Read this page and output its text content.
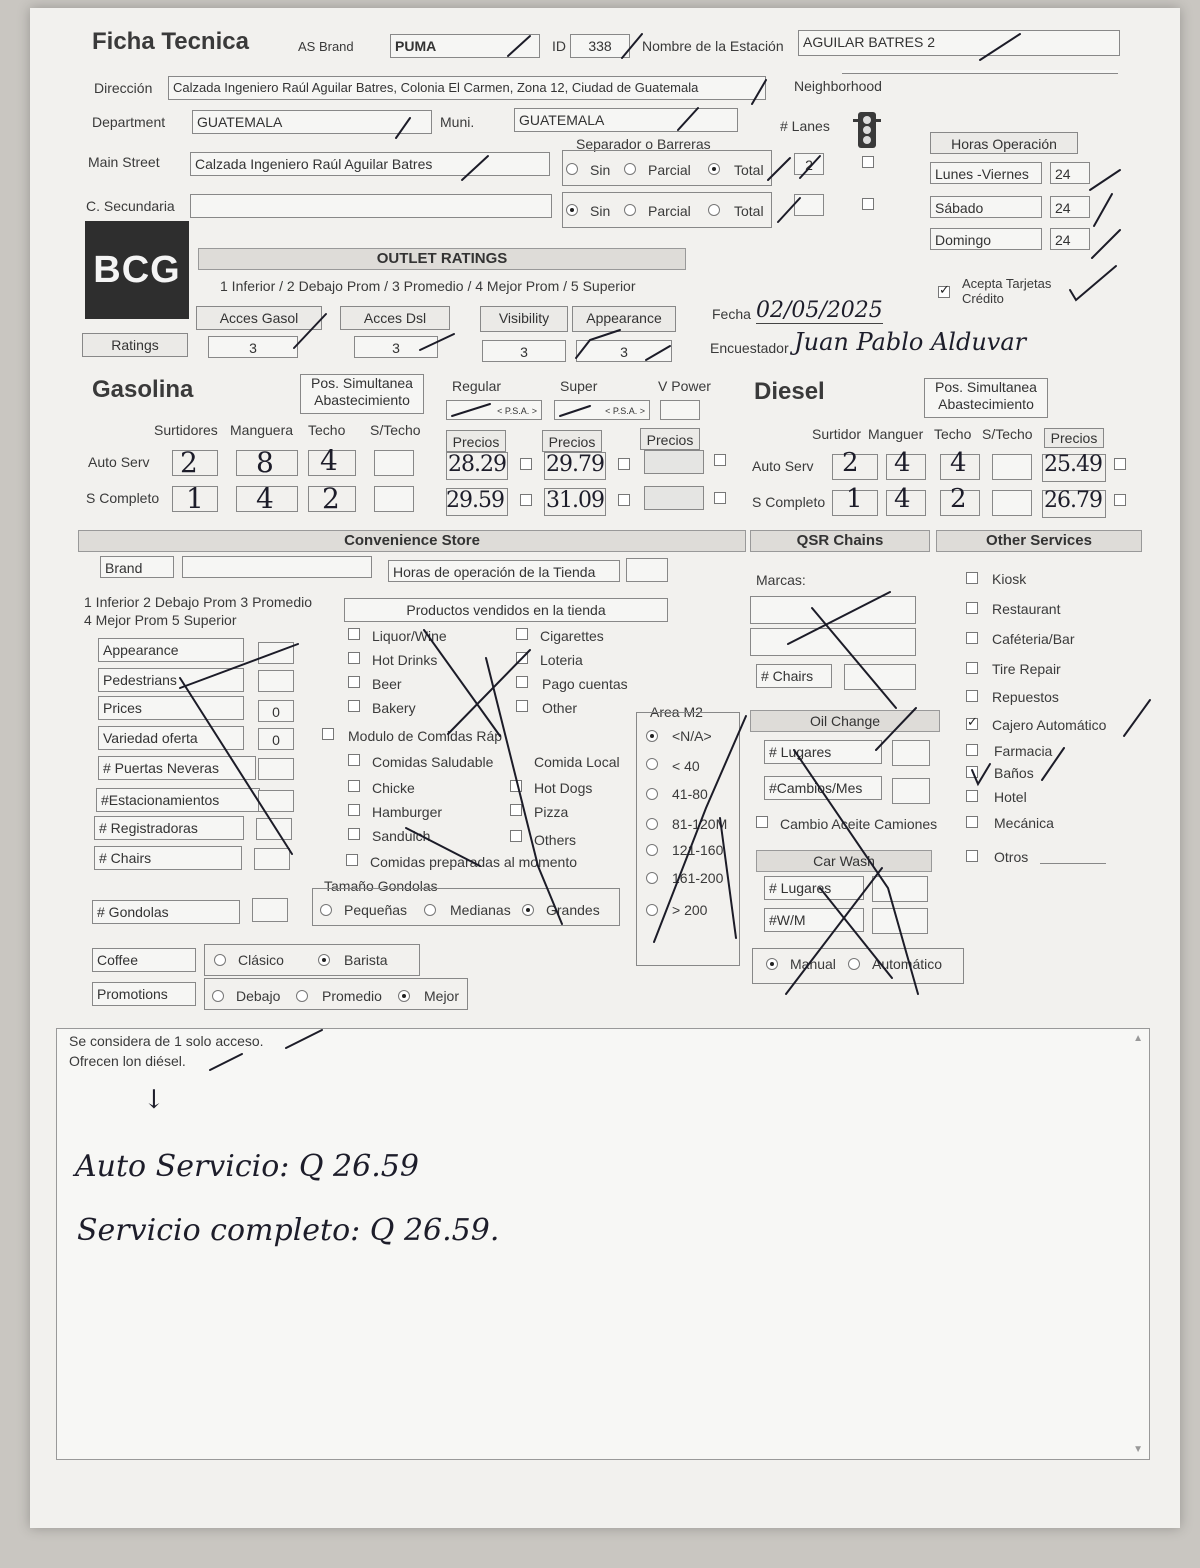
Ficha Tecnica	AS Brand	PUMA	ID	338	Nombre de la Estación	AGUILAR BATRES 2
Dirección	Calzada Ingeniero Raúl Aguilar Batres, Colonia El Carmen, Zona 12, Ciudad de Guatemala	Neighborhood
Department	GUATEMALA	Muni.	GUATEMALA
Main Street	Calzada Ingeniero Raúl Aguilar Batres
C. Secundaria
Separador o Barreras
Sin	Parcial	Total
Sin	Parcial	Total
# Lanes
2
Horas Operación
Lunes -Viernes	24
Sábado	24
Domingo	24
BCG	OUTLET RATINGS
1 Inferior / 2 Debajo Prom / 3 Promedio / 4 Mejor Prom / 5 Superior
Ratings
Acces Gasol
3
Acces Dsl
3
Visibility
3
Appearance
3
✓
Acepta Tarjetas Crédito
Fecha 02/05/2025
Encuestador Juan Pablo Alduvar
Gasolina	Pos. Simultanea Abastecimiento
Regular	Super	V Power
< P.S.A. >	< P.S.A. >
Surtidores Manguera Techo S/Techo
Precios	Precios	Precios
Auto Serv 2 8 4	28.29 29.79
S Completo 1 4 2	29.59 31.09
Diesel	Pos. Simultanea Abastecimiento
Surtidor Manguer Techo S/Techo	Precios
Auto Serv 2 4 4	25.49
S Completo 1 4 2	26.79
Convenience Store	QSR Chains	Other Services
Brand	Horas de operación de la Tienda
1 Inferior 2 Debajo Prom 3 Promedio
4 Mejor Prom 5 Superior
Appearance
Pedestrians
Prices	0
Variedad oferta	0
# Puertas Neveras
#Estacionamientos
# Registradoras
# Chairs
# Gondolas
Productos vendidos en la tienda
Liquor/Wine
Hot Drinks
Beer
Bakery
Cigarettes
Loteria
Pago cuentas
Other
Modulo de Comidas Ráp
Comidas Saludable	Comida Local
Chicke
Hamburger
Sanduich
Hot Dogs
Pizza
Others
Comidas preparadas al momento
Tamaño Gondolas
Pequeñas	Medianas	Grandes
Coffee	Clásico	Barista
Promotions	Debajo	Promedio	Mejor
Area M2
<N/A>
< 40
41-80
81-120M
121-160
161-200
> 200
Marcas:
# Chairs
Oil Change
# Lugares
#Cambios/Mes
Cambio Aceite Camiones
Car Wash
# Lugares
#W/M
Manual	Automático
Kiosk
Restaurant
Caféteria/Bar
Tire Repair
Repuestos
✓
Cajero Automático
Farmacia
Baños
Hotel
Mecánica
Otros
Se considera de 1 solo acceso.
Ofrecen lon diésel.
↓
Auto Servicio: Q 26.59
Servicio completo: Q 26.59.
▲
▼
